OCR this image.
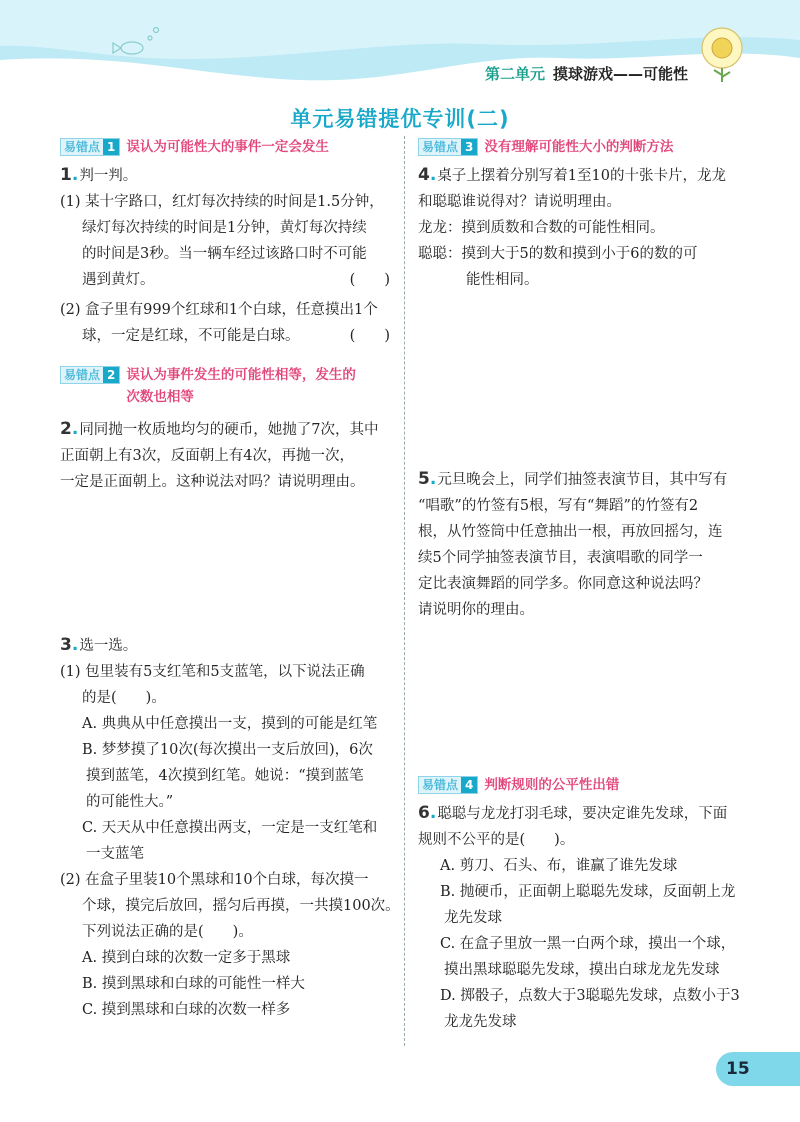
第二单元 摸球游戏——可能性
单元易错提优专训(二)
易错点 1 误认为可能性大的事件一定会发生
1.判一判。
(1) 某十字路口，红灯每次持续的时间是1.5分钟，
绿灯每次持续的时间是1分钟，黄灯每次持续
的时间是3秒。当一辆车经过该路口时不可能
遇到黄灯。	(　　)
(2) 盒子里有999个红球和1个白球，任意摸出1个
球，一定是红球，不可能是白球。	(　　)
易错点 2 误认为事件发生的可能性相等，发生的
次数也相等
2.同同抛一枚质地均匀的硬币，她抛了7次，其中
正面朝上有3次，反面朝上有4次，再抛一次，
一定是正面朝上。这种说法对吗？请说明理由。
3.选一选。
(1) 包里装有5支红笔和5支蓝笔，以下说法正确
的是(　　)。
A. 典典从中任意摸出一支，摸到的可能是红笔
B. 梦梦摸了10次(每次摸出一支后放回)，6次
摸到蓝笔，4次摸到红笔。她说：“摸到蓝笔
的可能性大。”
C. 天天从中任意摸出两支，一定是一支红笔和
一支蓝笔
(2) 在盒子里装10个黑球和10个白球，每次摸一
个球，摸完后放回，摇匀后再摸，一共摸100次。
下列说法正确的是(　　)。
A. 摸到白球的次数一定多于黑球
B. 摸到黑球和白球的可能性一样大
C. 摸到黑球和白球的次数一样多
易错点 3 没有理解可能性大小的判断方法
4.桌子上摆着分别写着1至10的十张卡片，龙龙
和聪聪谁说得对？请说明理由。
龙龙：摸到质数和合数的可能性相同。
聪聪：摸到大于5的数和摸到小于6的数的可
能性相同。
5.元旦晚会上，同学们抽签表演节目，其中写有
“唱歌”的竹签有5根，写有“舞蹈”的竹签有2
根，从竹签筒中任意抽出一根，再放回摇匀，连
续5个同学抽签表演节目，表演唱歌的同学一
定比表演舞蹈的同学多。你同意这种说法吗？
请说明你的理由。
易错点 4 判断规则的公平性出错
6.聪聪与龙龙打羽毛球，要决定谁先发球，下面
规则不公平的是(　　)。
A. 剪刀、石头、布，谁赢了谁先发球
B. 抛硬币，正面朝上聪聪先发球，反面朝上龙
龙先发球
C. 在盒子里放一黑一白两个球，摸出一个球，
摸出黑球聪聪先发球，摸出白球龙龙先发球
D. 掷骰子，点数大于3聪聪先发球，点数小于3
龙龙先发球
15
